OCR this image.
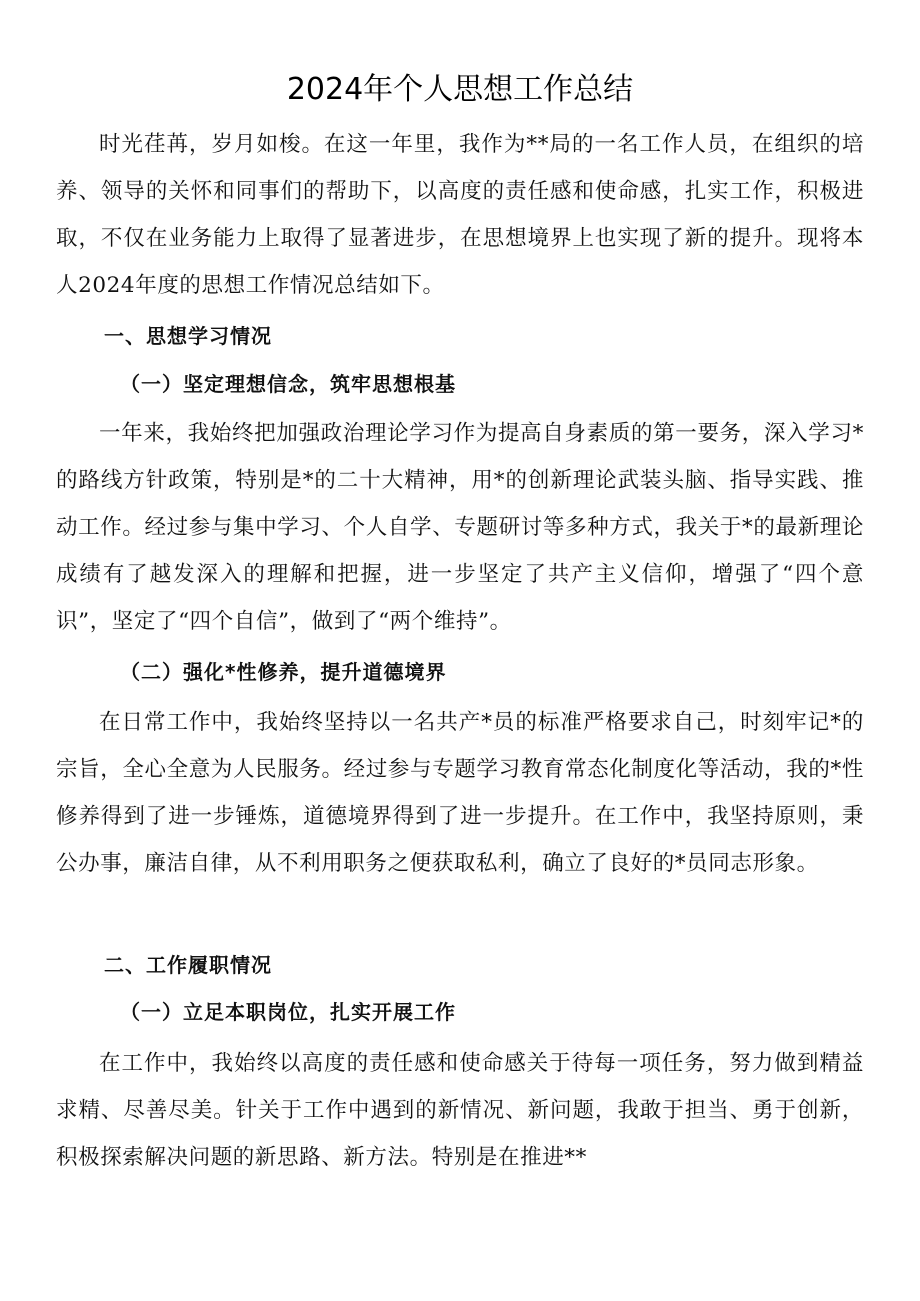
2024年个人思想工作总结

时光荏苒，岁月如梭。在这一年里，我作为**局的一名工作人员，在组织的培养、领导的关怀和同事们的帮助下，以高度的责任感和使命感，扎实工作，积极进取，不仅在业务能力上取得了显著进步，在思想境界上也实现了新的提升。现将本人2024年度的思想工作情况总结如下。

一、思想学习情况
（一）坚定理想信念，筑牢思想根基

一年来，我始终把加强政治理论学习作为提高自身素质的第一要务，深入学习*的路线方针政策，特别是*的二十大精神，用*的创新理论武装头脑、指导实践、推动工作。经过参与集中学习、个人自学、专题研讨等多种方式，我关于*的最新理论成绩有了越发深入的理解和把握，进一步坚定了共产主义信仰，增强了“四个意识”，坚定了“四个自信”，做到了“两个维持”。

（二）强化*性修养，提升道德境界

在日常工作中，我始终坚持以一名共产*员的标准严格要求自己，时刻牢记*的宗旨，全心全意为人民服务。经过参与专题学习教育常态化制度化等活动，我的*性修养得到了进一步锤炼，道德境界得到了进一步提升。在工作中，我坚持原则，秉公办事，廉洁自律，从不利用职务之便获取私利，确立了良好的*员同志形象。

二、工作履职情况
（一）立足本职岗位，扎实开展工作

在工作中，我始终以高度的责任感和使命感关于待每一项任务，努力做到精益求精、尽善尽美。针关于工作中遇到的新情况、新问题，我敢于担当、勇于创新，积极探索解决问题的新思路、新方法。特别是在推进**
